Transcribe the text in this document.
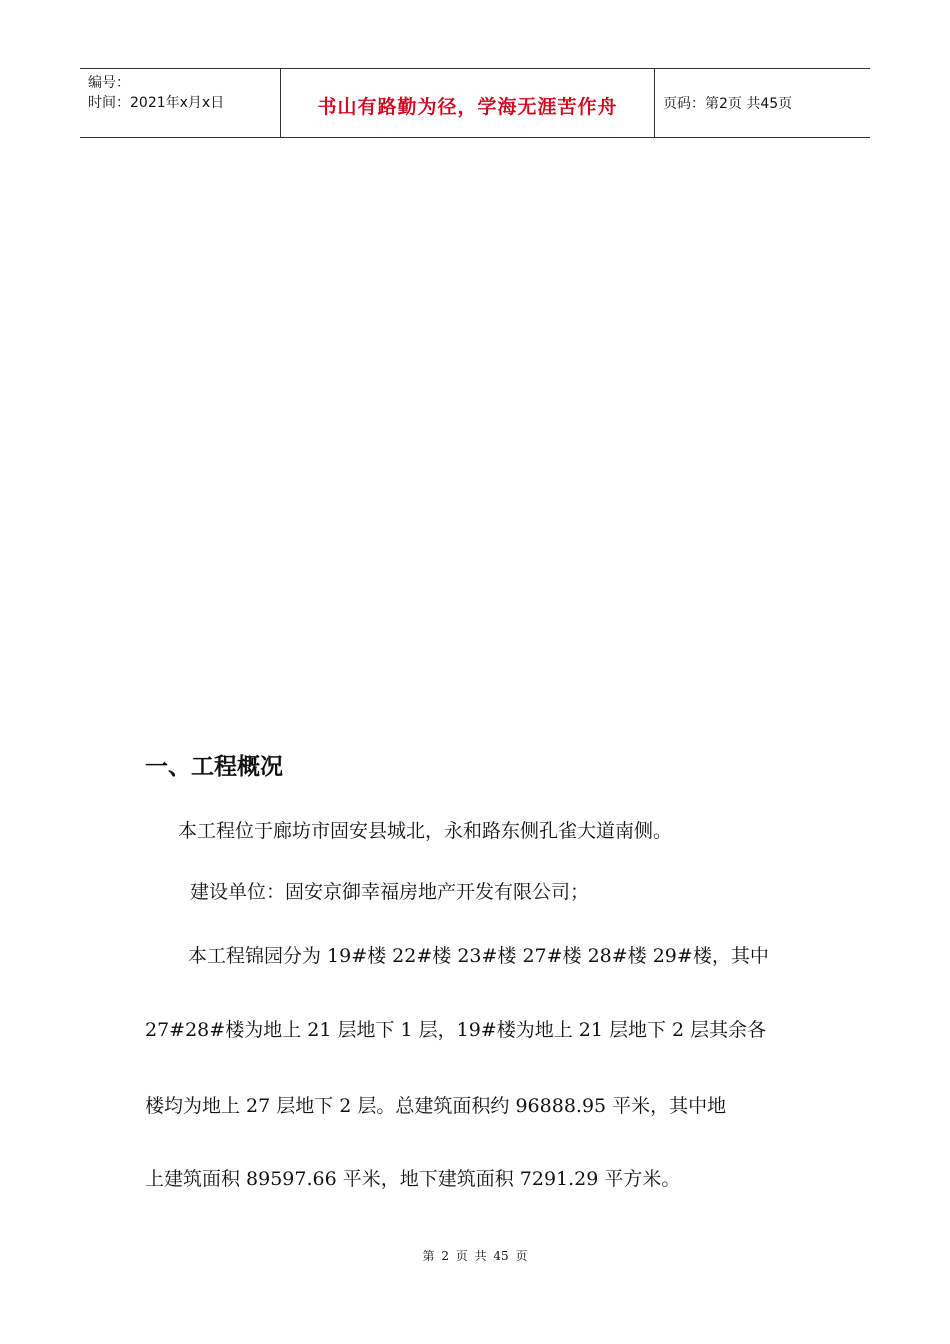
编号：
时间：2021年x月x日	书山有路勤为径，学海无涯苦作舟	页码：第2页 共45页
一、工程概况

本工程位于廊坊市固安县城北，永和路东侧孔雀大道南侧。

建设单位：固安京御幸福房地产开发有限公司；

本工程锦园分为 19#楼 22#楼 23#楼 27#楼 28#楼 29#楼，其中

27#28#楼为地上 21 层地下 1 层，19#楼为地上 21 层地下 2 层其余各

楼均为地上 27 层地下 2 层。总建筑面积约 96888.95 平米，其中地

上建筑面积 89597.66 平米，地下建筑面积 7291.29 平方米。

第 2 页 共 45 页
